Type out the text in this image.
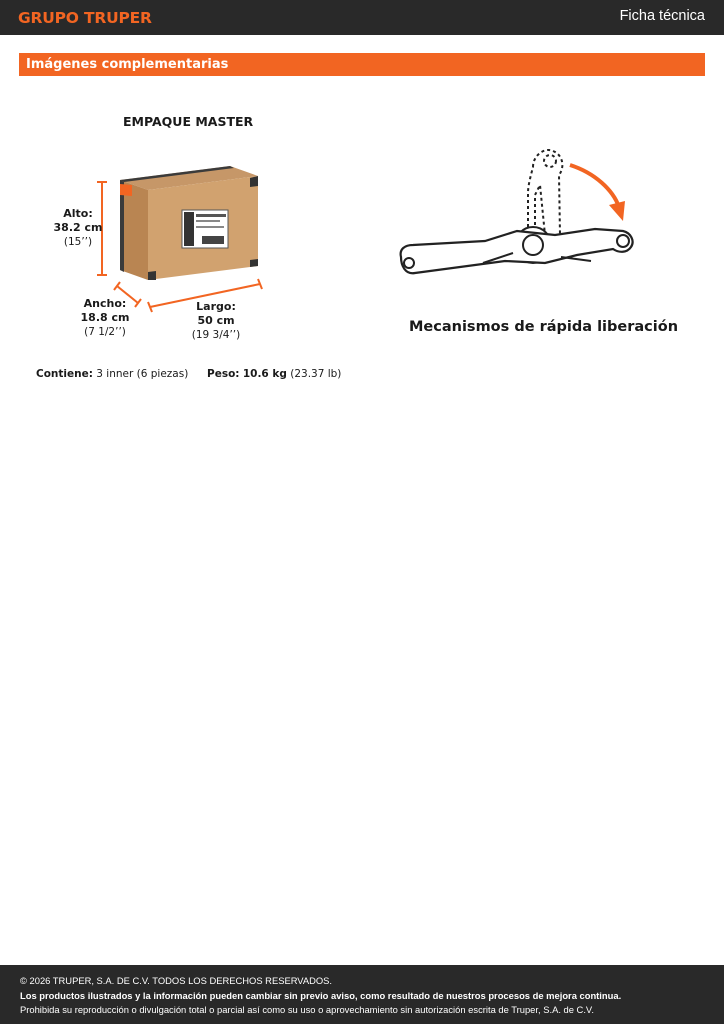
GRUPO TRUPER	Ficha técnica
Imágenes complementarias
EMPAQUE MASTER
Alto:
38.2 cm
(15’’)
Ancho:
18.8 cm
(7 1/2’’)
Largo:
50 cm
(19 3/4’’)
Contiene: 3 inner (6 piezas) Peso: 10.6 kg (23.37 lb)
Mecanismos de rápida liberación
© 2026 TRUPER, S.A. DE C.V. TODOS LOS DERECHOS RESERVADOS.
Los productos ilustrados y la información pueden cambiar sin previo aviso, como resultado de nuestros procesos de mejora continua.
Prohibida su reproducción o divulgación total o parcial así como su uso o aprovechamiento sin autorización escrita de Truper, S.A. de C.V.
